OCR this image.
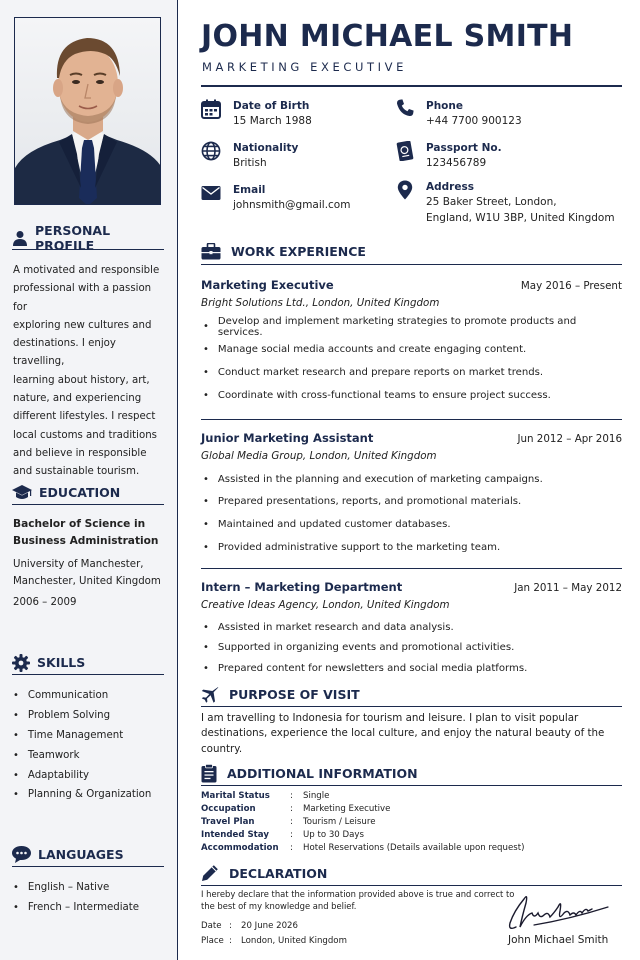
PERSONAL PROFILE
A motivated and responsible
professional with a passion for
exploring new cultures and
destinations. I enjoy travelling,
learning about history, art,
nature, and experiencing
different lifestyles. I respect
local customs and traditions
and believe in responsible
and sustainable tourism.
EDUCATION
Bachelor of Science in
Business Administration
University of Manchester,
Manchester, United Kingdom
2006 – 2009
SKILLS
• Communication
• Problem Solving
• Time Management
• Teamwork
• Adaptability
• Planning & Organization
LANGUAGES
• English – Native
• French – Intermediate
JOHN MICHAEL SMITH
MARKETING EXECUTIVE
Date of Birth
15 March 1988
Phone
+44 7700 900123
Nationality
British
Passport No.
123456789
Email
johnsmith@gmail.com
Address
25 Baker Street, London,
England, W1U 3BP, United Kingdom
WORK EXPERIENCE
Marketing Executive	May 2016 – Present
Bright Solutions Ltd., London, United Kingdom
• Develop and implement marketing strategies to promote products and services.
• Manage social media accounts and create engaging content.
• Conduct market research and prepare reports on market trends.
• Coordinate with cross-functional teams to ensure project success.
Junior Marketing Assistant	Jun 2012 – Apr 2016
Global Media Group, London, United Kingdom
• Assisted in the planning and execution of marketing campaigns.
• Prepared presentations, reports, and promotional materials.
• Maintained and updated customer databases.
• Provided administrative support to the marketing team.
Intern – Marketing Department	Jan 2011 – May 2012
Creative Ideas Agency, London, United Kingdom
• Assisted in market research and data analysis.
• Supported in organizing events and promotional activities.
• Prepared content for newsletters and social media platforms.
PURPOSE OF VISIT
I am travelling to Indonesia for tourism and leisure. I plan to visit popular destinations, experience the local culture, and enjoy the natural beauty of the country.
ADDITIONAL INFORMATION
Marital Status	:	Single
Occupation	:	Marketing Executive
Travel Plan	:	Tourism / Leisure
Intended Stay	:	Up to 30 Days
Accommodation	:	Hotel Reservations (Details available upon request)
DECLARATION
I hereby declare that the information provided above is true and correct to the best of my knowledge and belief.
Date :	20 June 2026
Place :	London, United Kingdom	John Michael Smith
